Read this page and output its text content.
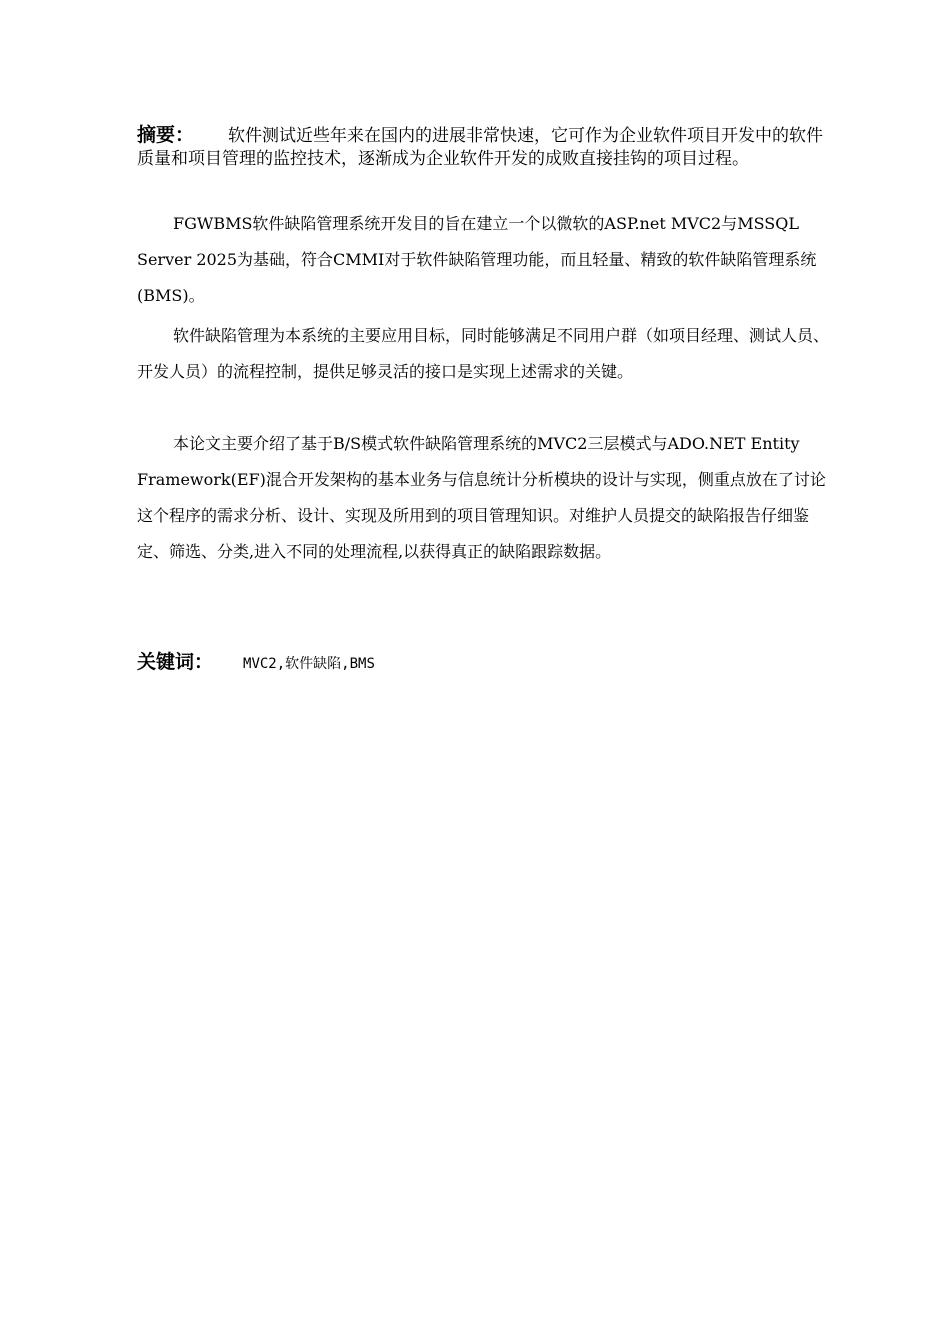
摘要： 软件测试近些年来在国内的进展非常快速，它可作为企业软件项目开发中的软件质量和项目管理的监控技术，逐渐成为企业软件开发的成败直接挂钩的项目过程。

FGWBMS软件缺陷管理系统开发目的旨在建立一个以微软的ASP.net MVC2与MSSQL Server 2025为基础，符合CMMI对于软件缺陷管理功能，而且轻量、精致的软件缺陷管理系统(BMS)。

软件缺陷管理为本系统的主要应用目标，同时能够满足不同用户群（如项目经理、测试人员、开发人员）的流程控制，提供足够灵活的接口是实现上述需求的关键。

本论文主要介绍了基于B/S模式软件缺陷管理系统的MVC2三层模式与ADO.NET Entity Framework(EF)混合开发架构的基本业务与信息统计分析模块的设计与实现，侧重点放在了讨论这个程序的需求分析、设计、实现及所用到的项目管理知识。对维护人员提交的缺陷报告仔细鉴定、筛选、分类,进入不同的处理流程,以获得真正的缺陷跟踪数据。

关键词： MVC2,软件缺陷,BMS
